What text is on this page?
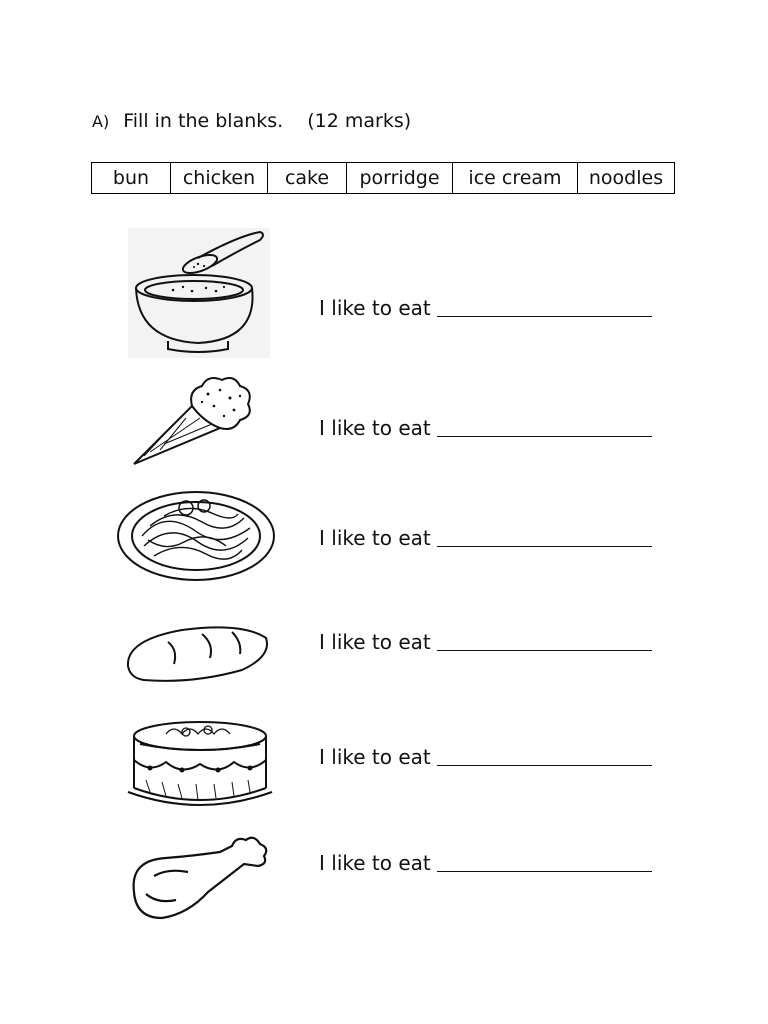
A) Fill in the blanks. (12 marks)
bun	chicken	cake	porridge	ice cream	noodles
I like to eat
I like to eat
I like to eat
I like to eat
I like to eat
I like to eat
